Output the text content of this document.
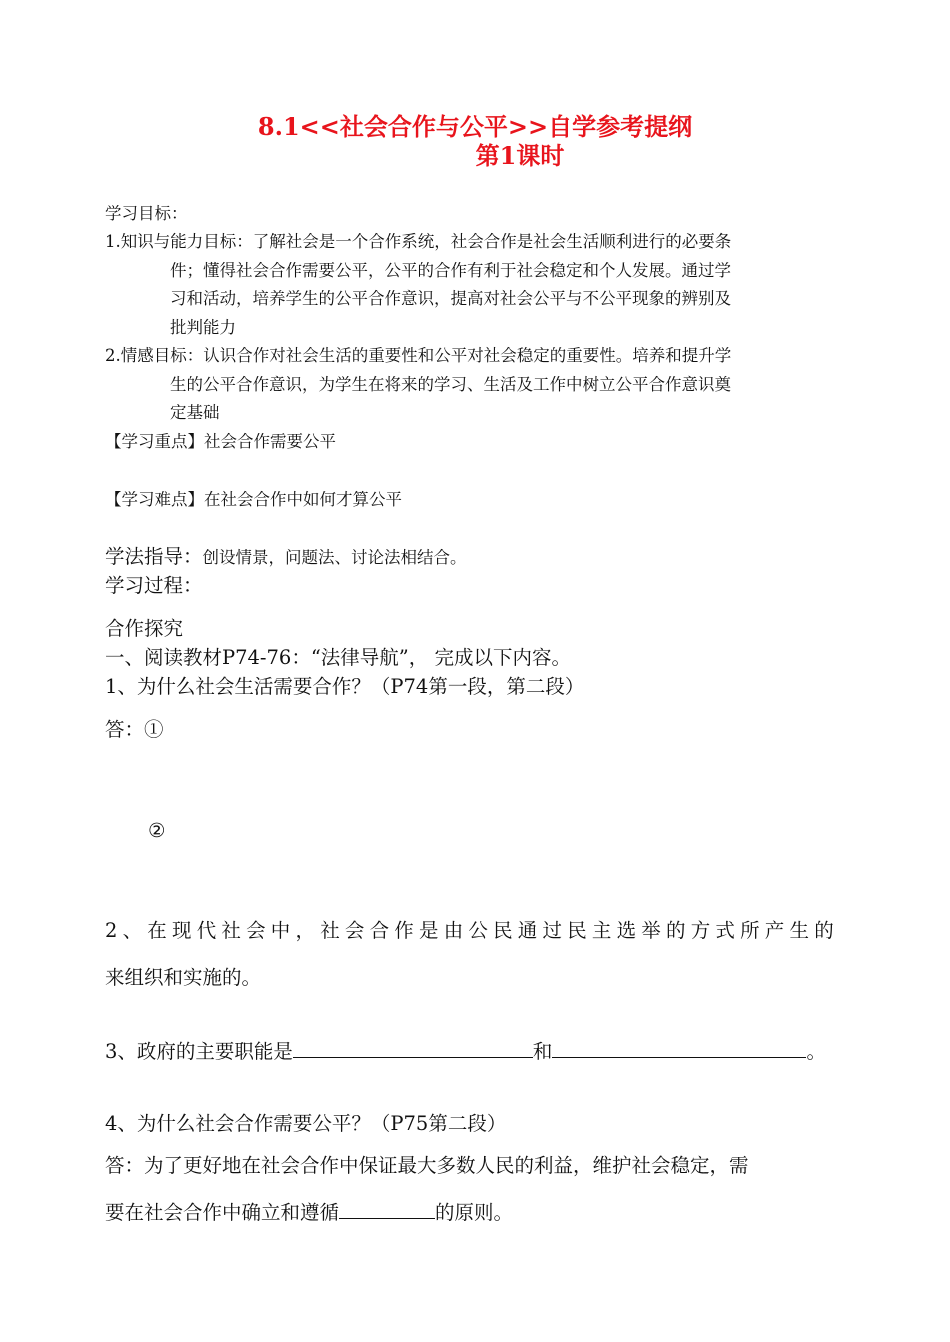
8.1<<社会合作与公平>>自学参考提纲
第1课时
学习目标：
1.知识与能力目标：了解社会是一个合作系统，社会合作是社会生活顺利进行的必要条
件；懂得社会合作需要公平，公平的合作有利于社会稳定和个人发展。通过学
习和活动，培养学生的公平合作意识，提高对社会公平与不公平现象的辨别及
批判能力
2.情感目标：认识合作对社会生活的重要性和公平对社会稳定的重要性。培养和提升学
生的公平合作意识，为学生在将来的学习、生活及工作中树立公平合作意识奠
定基础
【学习重点】社会合作需要公平
【学习难点】在社会合作中如何才算公平
学法指导：创设情景，问题法、讨论法相结合。
学习过程：
合作探究
一、阅读教材P74-76：“法律导航”， 完成以下内容。
1、为什么社会生活需要合作？（P74第一段，第二段）
答：①
②
2、在现代社会中，社会合作是由公民通过民主选举的方式所产生的
来组织和实施的。
3、政府的主要职能是	和	。
4、为什么社会合作需要公平？（P75第二段）
答：为了更好地在社会合作中保证最大多数人民的利益，维护社会稳定，需
要在社会合作中确立和遵循	的原则。
